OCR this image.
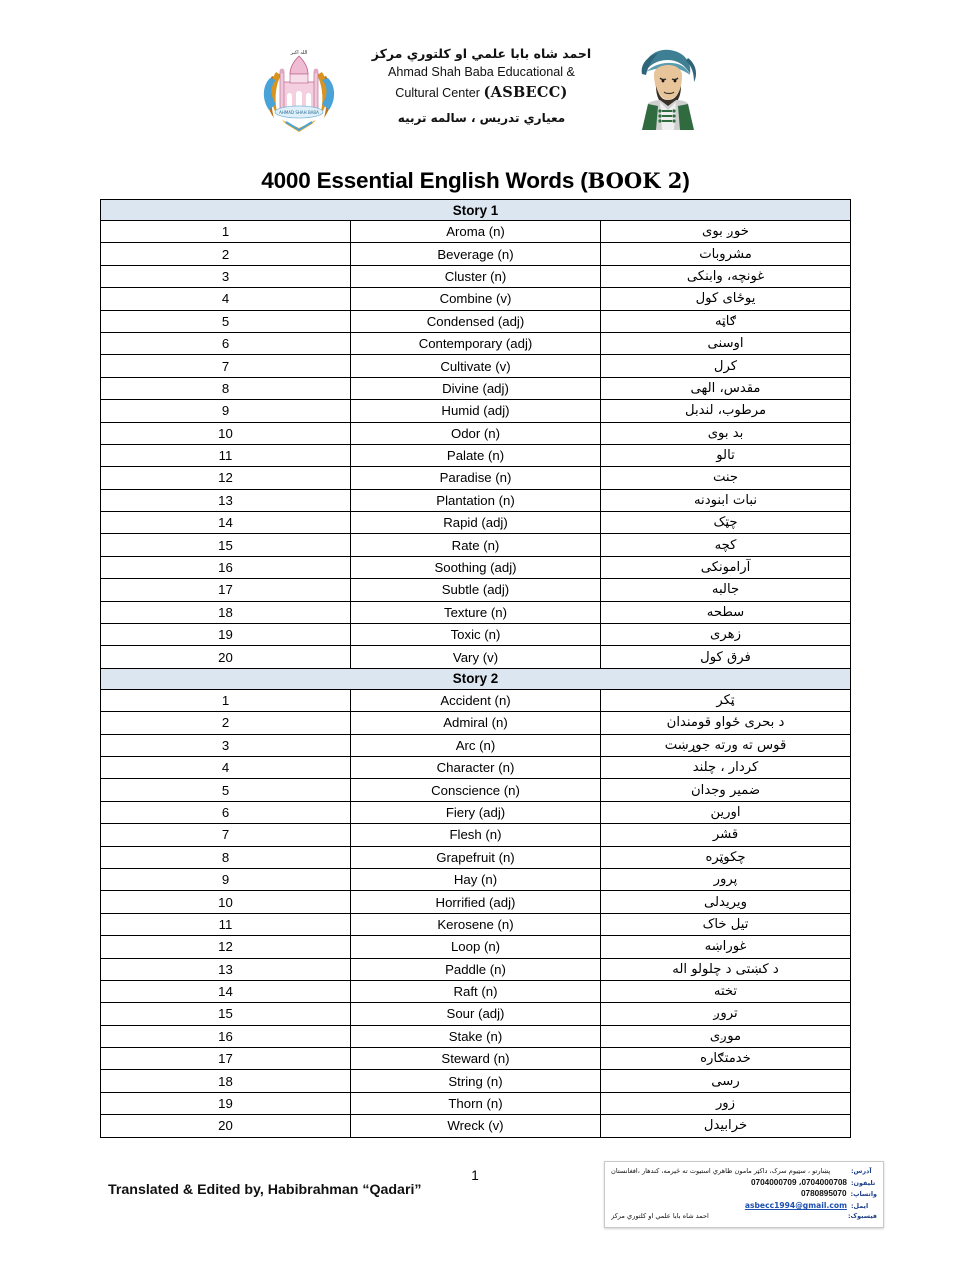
AHMAD SHAH BABA
الله اكبر	احمد شاه بابا علمي او کلتوري مرکز
Ahmad Shah Baba Educational &
Cultural Center (ASBECC)
معياري تدريس ، سالمه تربيه
4000 Essential English Words (BOOK 2)
Story 1		
1	Aroma (n)	خوږ بوی
2	Beverage (n)	مشروبات
3	Cluster (n)	غونچه، وابنکی
4	Combine (v)	یوځای کول
5	Condensed (adj)	ګاټه
6	Contemporary (adj)	اوسنی
7	Cultivate (v)	کرل
8	Divine (adj)	مقدس، الهی
9	Humid (adj)	مرطوب، لندبل
10	Odor (n)	بد بوی
11	Palate (n)	تالو
12	Paradise (n)	جنت
13	Plantation (n)	نبات ابنودنه
14	Rapid (adj)	چټک
15	Rate (n)	کچه
16	Soothing (adj)	آرامونکی
17	Subtle (adj)	جالبه
18	Texture (n)	سطحه
19	Toxic (n)	زهری
20	Vary (v)	فرق کول
Story 2		
1	Accident (n)	ټکر
2	Admiral (n)	د بحری ځواو قومندان
3	Arc (n)	قوس ته ورته جوړښت
4	Character (n)	کردار ، چلند
5	Conscience (n)	ضمیر وجدان
6	Fiery (adj)	اورین
7	Flesh (n)	قشر
8	Grapefruit (n)	چکوټره
9	Hay (n)	پرور
10	Horrified (adj)	ویریدلی
11	Kerosene (n)	تیل خاک
12	Loop (n)	غوراښه
13	Paddle (n)	د کښتی د چلولو اله
14	Raft (n)	تخته
15	Sour (adj)	تروږ
16	Stake (n)	موږی
17	Steward (n)	خدمتګاره
18	String (n)	رسی
19	Thorn (n)	زور
20	Wreck (v)	خرابیدل
1
Translated & Edited by, Habibrahman “Qadari”
آدرس:
پښارتو ، سټیوم سرک، داکټر مامون ظاهري استیوت ته څیرمه، کندهار ،افغانستان
تلیفون:
0704000709 ،0704000708
واتساپ:
0780895070
ایمل:
asbecc1994@gmail.com
فیسبوک:
احمد شاه بابا علمي او کلتوري مرکز
